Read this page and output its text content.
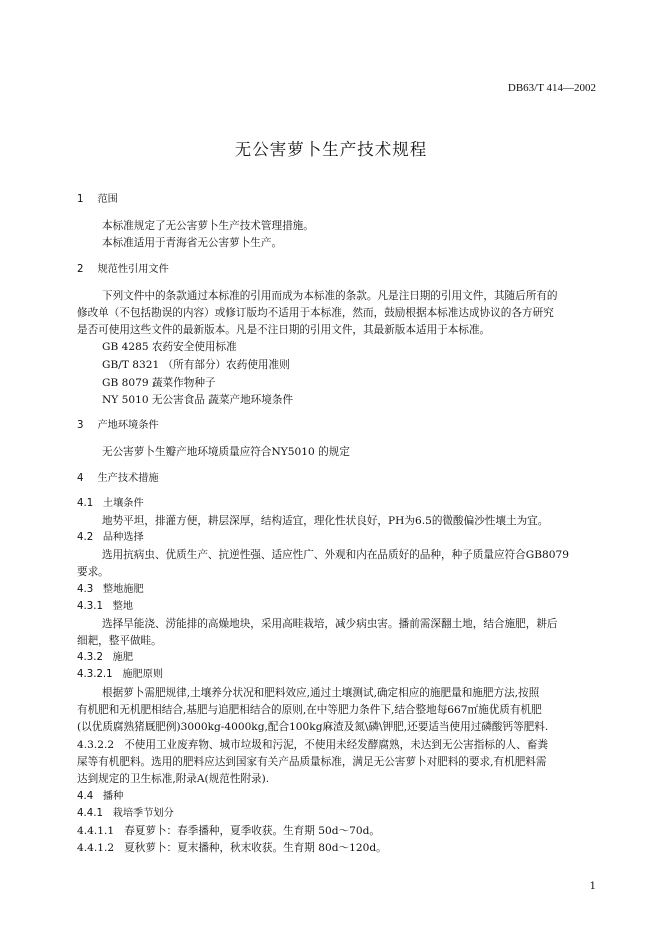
DB63/T 414—2002
无公害萝卜生产技术规程
1 范围
本标准规定了无公害萝卜生产技术管理措施。
本标准适用于青海省无公害萝卜生产。
2 规范性引用文件
下列文件中的条款通过本标准的引用而成为本标准的条款。凡是注日期的引用文件，其随后所有的
修改单（不包括勘误的内容）或修订版均不适用于本标准，然而，鼓励根据本标准达成协议的各方研究
是否可使用这些文件的最新版本。凡是不注日期的引用文件，其最新版本适用于本标准。
GB 4285 农药安全使用标准
GB/T 8321 （所有部分）农药使用准则
GB 8079 蔬菜作物种子
NY 5010 无公害食品 蔬菜产地环境条件
3 产地环境条件
无公害萝卜生瓣产地环境质量应符合NY5010 的规定
4 生产技术措施
4.1 土壤条件
地势平坦，排灌方便，耕层深厚，结构适宜，理化性状良好，PH为6.5的微酸偏沙性壤土为宜。
4.2 品种选择
选用抗病虫、优质生产、抗逆性强、适应性广、外观和内在品质好的品种，种子质量应符合GB8079
要求。
4.3 整地施肥
4.3.1 整地
选择旱能浇、涝能排的高燥地块，采用高畦栽培，减少病虫害。播前需深翻土地，结合施肥，耕后
细耙，整平做畦。
4.3.2 施肥
4.3.2.1 施肥原则
根据萝卜需肥规律,土壤养分状况和肥料效应,通过土壤测试,确定相应的施肥量和施肥方法,按照
有机肥和无机肥相结合,基肥与追肥相结合的原则,在中等肥力条件下,结合整地每667㎡施优质有机肥
(以优质腐熟猪厩肥例)3000kg-4000kg,配合100kg麻渣及氮\磷\钾肥,还要适当使用过磷酸钙等肥料.
4.3.2.2 不使用工业废弃物、城市垃圾和污泥，不使用未经发酵腐熟，未达到无公害指标的人、畜粪
屎等有机肥料。选用的肥料应达到国家有关产品质量标准，满足无公害萝卜对肥料的要求,有机肥料需
达到规定的卫生标准,附录A(规范性附录).
4.4 播种
4.4.1 栽培季节划分
4.4.1.1 春夏萝卜：春季播种，夏季收获。生育期 50d～70d。
4.4.1.2 夏秋萝卜：夏末播种，秋末收获。生育期 80d～120d。
1
